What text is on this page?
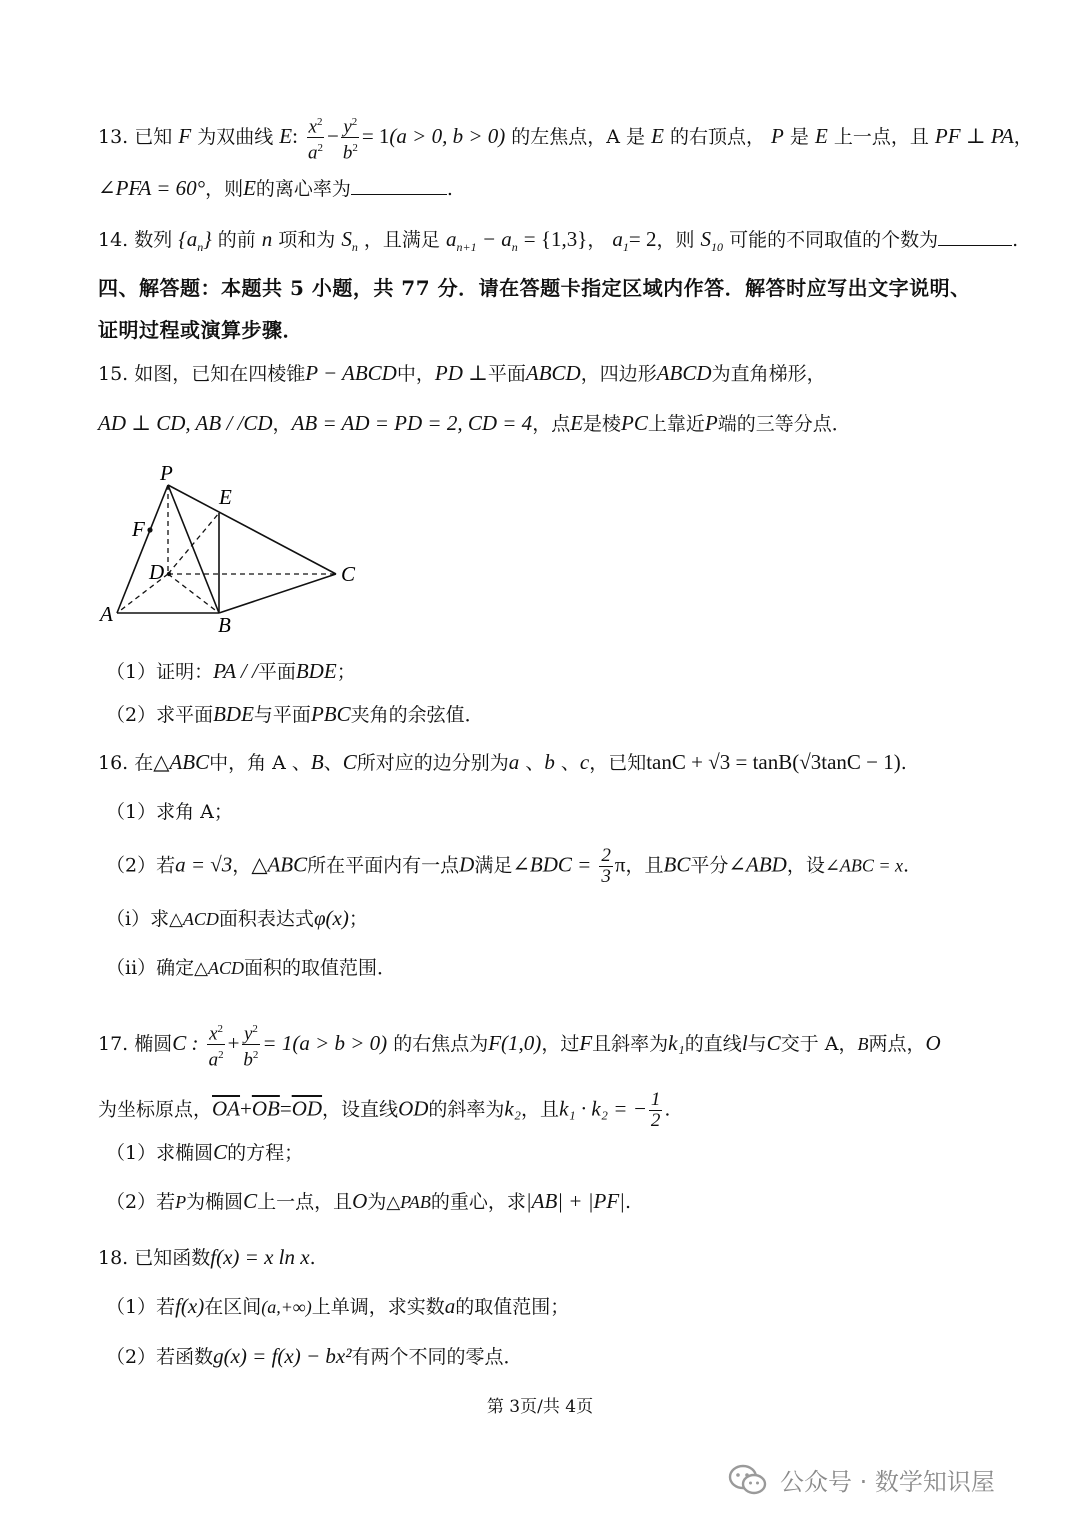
13. 已知 F 为双曲线 E: $\frac{x^2}{a^2} - \frac{y^2}{b^2} = 1(a > 0$, b > 0) 的左焦点，A 是 E 的右顶点， P 是 E 上一点，且 PF ⊥ PA，
∠PFA = 60°，则E的离心率为	.
14. 数列 $\{a_n\}$ 的前 n 项和为 $S_n$ ，且满足 $a_{n+1} - a_n = \{1,3\}$， $a_1= 2$，则 $S_{10}$ 可能的不同取值的个数为	.
四、解答题：本题共 5 小题，共 77 分．请在答题卡指定区域内作答．解答时应写出文字说明、
证明过程或演算步骤．
15. 如图，已知在四棱锥P − ABCD中，PD ⊥平面ABCD，四边形ABCD为直角梯形，
AD ⊥ CD, AB / /CD，AB = AD = PD = 2, CD = 4，点E是棱PC上靠近P端的三等分点．
P
E
F
D	C
A	B
（1）证明：PA / /平面BDE；
（2）求平面BDE与平面PBC夹角的余弦值．
16. 在△ABC中，角 A 、B、C所对应的边分别为a 、b 、c，已知tanC + √3 = tanB(√3tanC − 1).
（1）求角 A；
（2）若a = √3，△ABC所在平面内有一点D满足∠BDC = $\frac{2}{3}$ π，且BC平分∠ABD，设∠ABC = x.
（i）求△ACD面积表达式φ(x)；
（ii）确定△ACD面积的取值范围．
17. 椭圆C : $\frac{x^2}{a^2} + \frac{y^2}{b^2} = 1(a > b > 0)$ 的右焦点为F(1,0)，过F且斜率为k₁的直线l与C交于 A，B两点，O
为坐标原点，$\overline{OA}+\overline{OB}=\overline{OD}$，设直线OD的斜率为k₂，且k₁ · k₂ = − $\frac{1}{2}$ .
（1）求椭圆C的方程；
（2）若P为椭圆C上一点，且O为△PAB的重心，求|AB| + |PF|.
18. 已知函数f(x) = x ln x.
（1）若f(x)在区间(a,+∞)上单调，求实数a的取值范围；
（2）若函数g(x) = f(x) − bx²有两个不同的零点．
第 3页/共 4页
公众号 · 数学知识屋
